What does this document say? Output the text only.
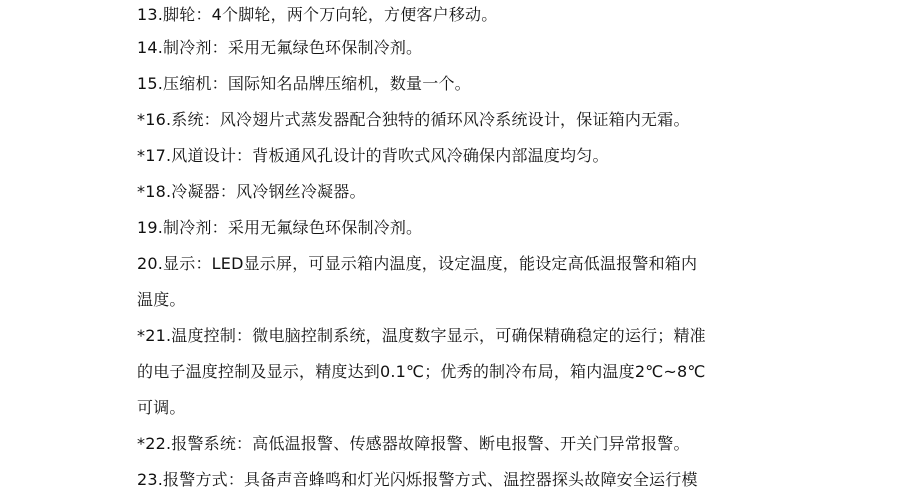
13.脚轮：4个脚轮，两个万向轮，方便客户移动。
14.制冷剂：采用无氟绿色环保制冷剂。
15.压缩机：国际知名品牌压缩机，数量一个。
*16.系统：风冷翅片式蒸发器配合独特的循环风冷系统设计，保证箱内无霜。
*17.风道设计：背板通风孔设计的背吹式风冷确保内部温度均匀。
*18.冷凝器：风冷钢丝冷凝器。
19.制冷剂：采用无氟绿色环保制冷剂。
20.显示：LED显示屏，可显示箱内温度，设定温度，能设定高低温报警和箱内
温度。
*21.温度控制：微电脑控制系统，温度数字显示，可确保精确稳定的运行；精准
的电子温度控制及显示，精度达到0.1℃；优秀的制冷布局，箱内温度2℃~8℃
可调。
*22.报警系统：高低温报警、传感器故障报警、断电报警、开关门异常报警。
23.报警方式：具备声音蜂鸣和灯光闪烁报警方式、温控器探头故障安全运行模
